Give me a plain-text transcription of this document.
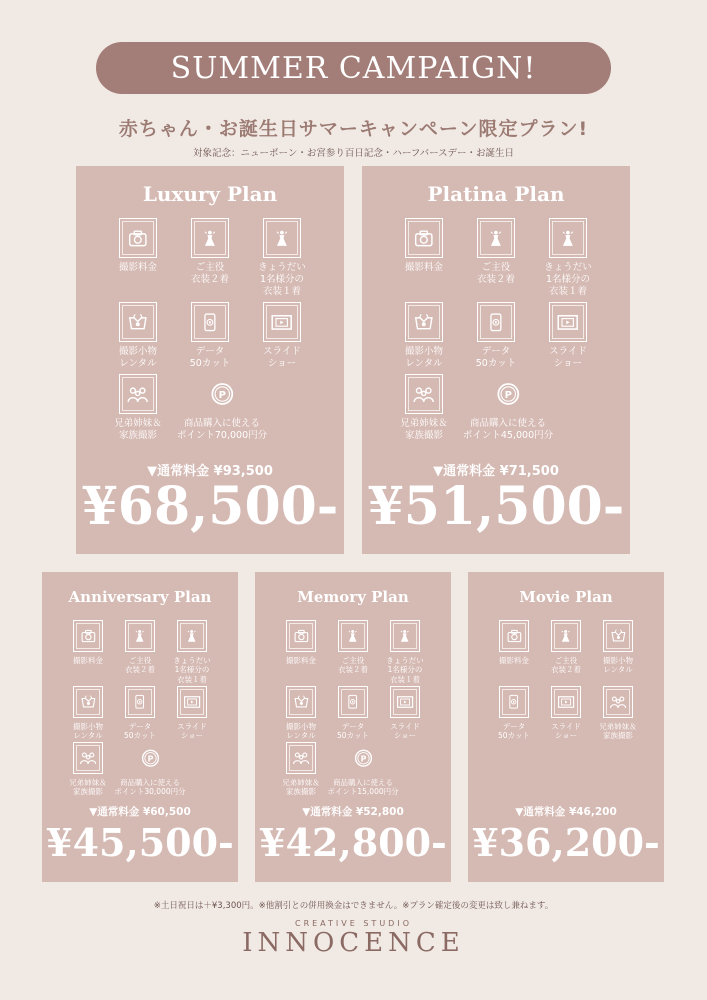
SUMMER CAMPAIGN!
赤ちゃん・お誕生日サマーキャンペーン限定プラン!
対象記念：ニューボーン・お宮参り百日記念・ハーフバースデー・お誕生日
Luxury Plan
撮影料金	ご主役
衣装２着
きょうだい
1名様分の
衣装１着
撮影小物
レンタル
データ
50カット
スライド
ショー
兄弟姉妹＆
家族撮影
P
商品購入に使える
ポイント70,000円分
▼通常料金 ¥93,500
¥68,500-
Platina Plan
撮影料金	ご主役
衣装２着
きょうだい
1名様分の
衣装１着
撮影小物
レンタル
データ
50カット
スライド
ショー
兄弟姉妹＆
家族撮影
P
商品購入に使える
ポイント45,000円分
▼通常料金 ¥71,500
¥51,500-
Anniversary Plan
撮影料金	ご主役
衣装２着
きょうだい
1名様分の
衣装１着
撮影小物
レンタル
データ
50カット
スライド
ショー
兄弟姉妹＆
家族撮影
P
商品購入に使える
ポイント30,000円分
▼通常料金 ¥60,500
¥45,500-
Memory Plan
撮影料金	ご主役
衣装２着
きょうだい
1名様分の
衣装１着
撮影小物
レンタル
データ
50カット
スライド
ショー
兄弟姉妹＆
家族撮影
P
商品購入に使える
ポイント15,000円分
▼通常料金 ¥52,800
¥42,800-
Movie Plan
撮影料金	ご主役
衣装２着
撮影小物
レンタル
データ
50カット
スライド
ショー
兄弟姉妹＆
家族撮影
▼通常料金 ¥46,200
¥36,200-
※土日祝日は＋¥3,300円。※他割引との併用換金はできません。※プラン確定後の変更は致し兼ねます。
CREATIVE STUDIO
INNOCENCE
